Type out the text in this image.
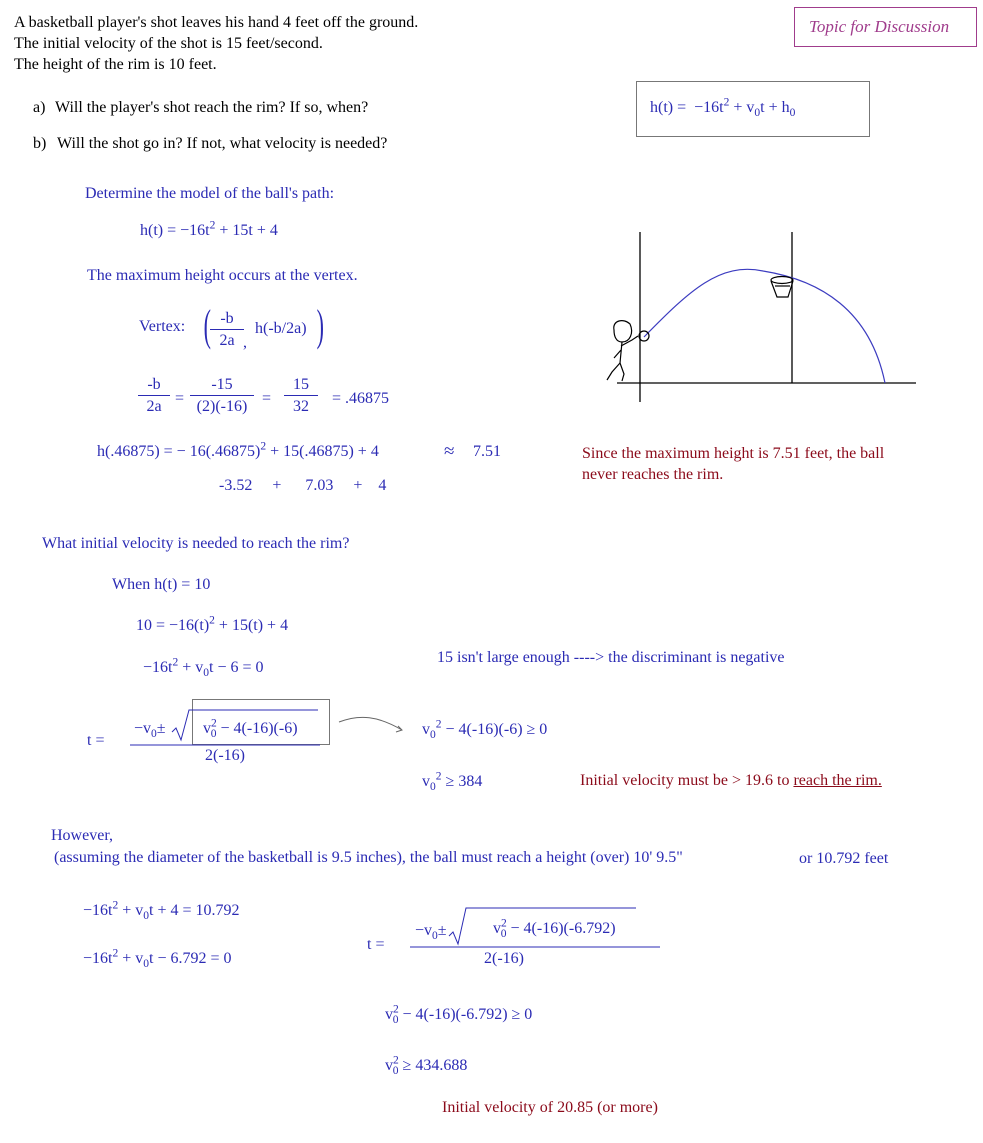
A basketball player's shot leaves his hand 4 feet off the ground.
The initial velocity of the shot is 15 feet/second.
The height of the rim is 10 feet.
Topic for Discussion
a) Will the player's shot reach the rim? If so, when?
b) Will the shot go in? If not, what velocity is needed?
$h(t) = -16t^2 + v_0t + h_0$
Determine the model of the ball's path:
$h(t) = -16t^2 + 15t + 4$
The maximum height occurs at the vertex.
Vertex: ( -b
2a ,
h(-b/2a) )
-b
2a =
-15
(2)(-16) =
15
32	= .46875
h(.46875) = − $16(.46875)^2 + 15(.46875) + 4$	≈ 7.51
-3.52     +      7.03     +    4
Since the maximum height is 7.51 feet, the ball
never reaches the rim.
What initial velocity is needed to reach the rim?
When h(t) = 10
$10 = -16(t)^2 + 15(t) + 4$
$-16t^2 + v_0t - 6 = 0$
15 isn't large enough ----> the discriminant is negative
t =
$-v_0\pm v^2_0 - 4(-16)(-6)$
2(-16)
$v_0^2 - 4(-16)(-6) \ge 0$
$v_0^2 \ge 384$	Initial velocity must be > 19.6 to reach the rim.
However,
(assuming the diameter of the basketball is 9.5 inches), the ball must reach a height (over) 10' 9.5"	or 10.792 feet
$-16t^2 + v_0t + 4 = 10.792$
$-16t^2 + v_0t - 6.792 = 0$
t =
$-v_0\pm$	$v^2_0 - 4(-16)(-6.792)$
2(-16)
$v^2_0 - 4(-16)(-6.792) \ge 0$
$v^2_0 \ge 434.688$
Initial velocity of 20.85 (or more)
